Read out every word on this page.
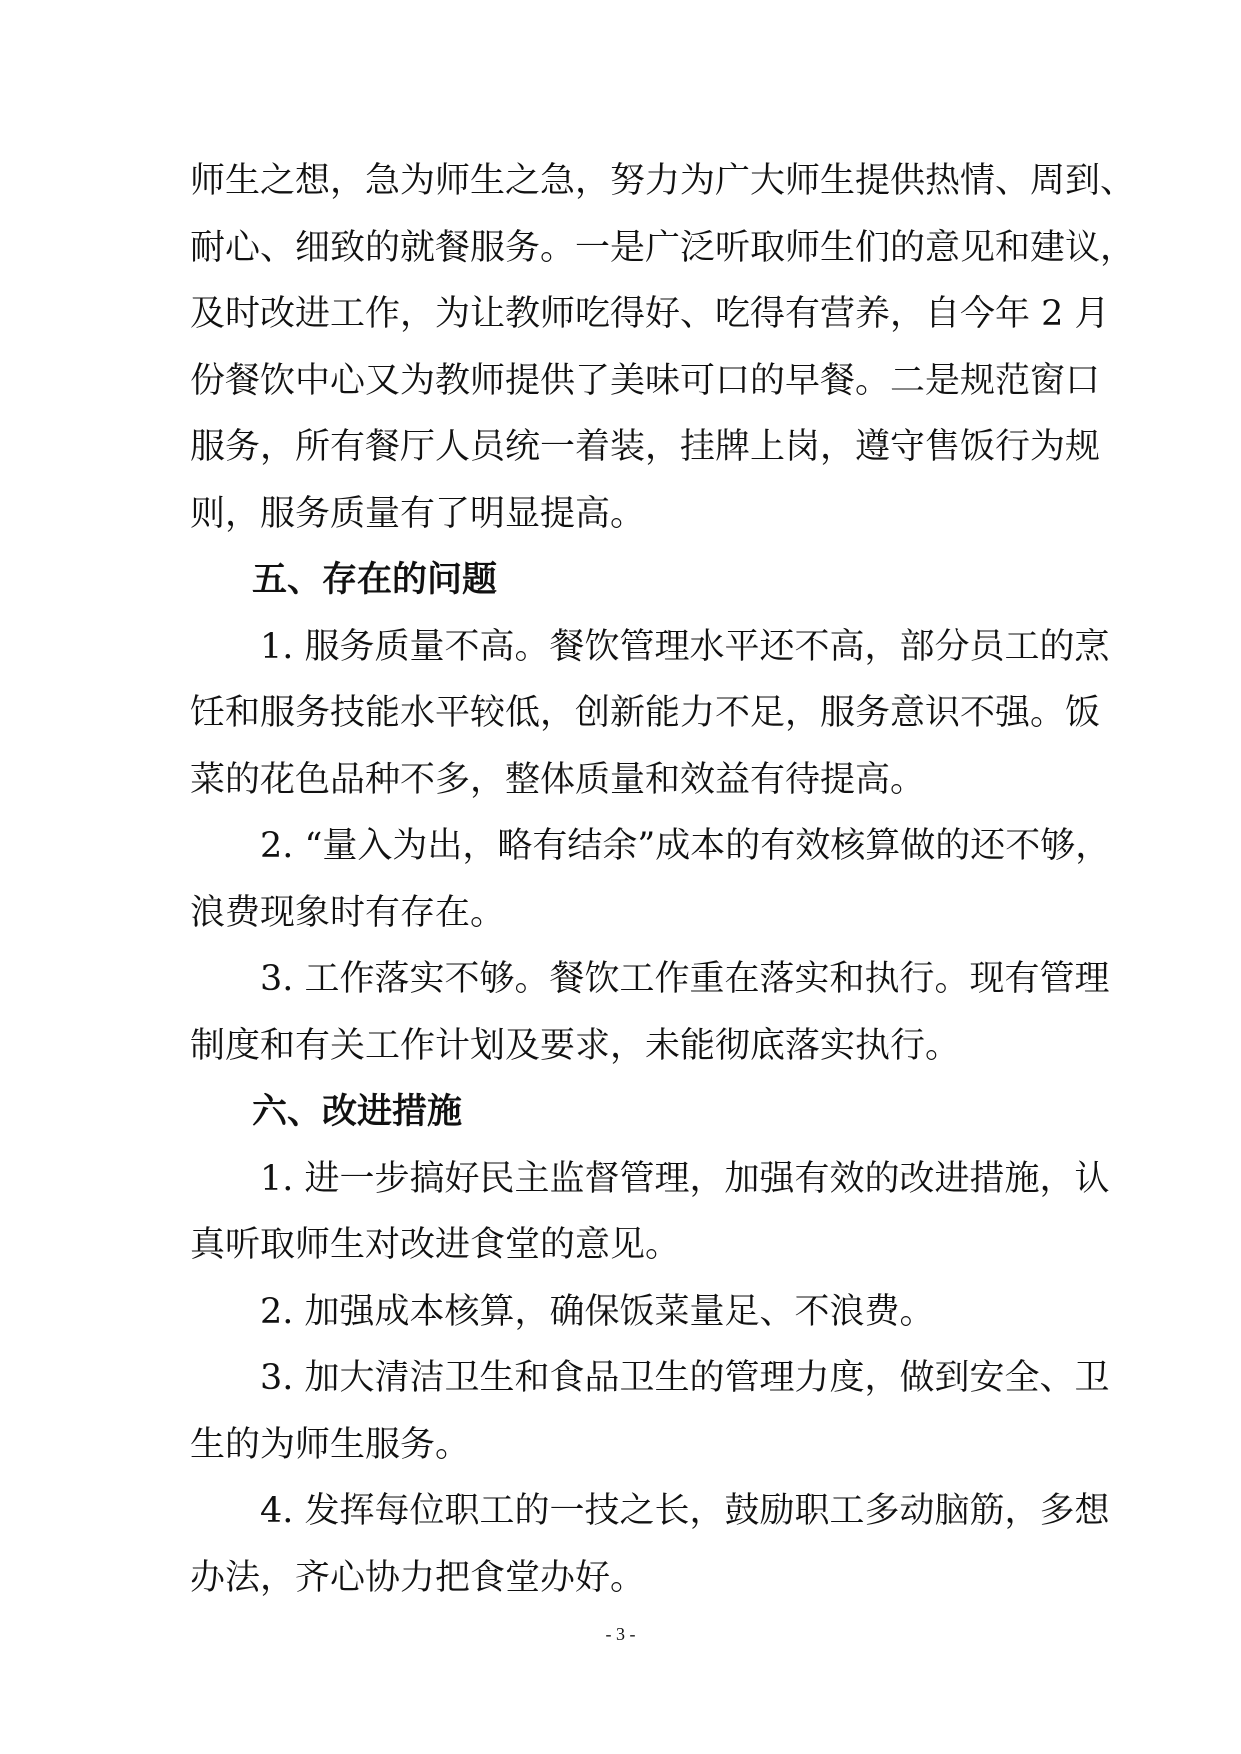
师生之想，急为师生之急，努力为广大师生提供热情、周到、
耐心、细致的就餐服务。一是广泛听取师生们的意见和建议，
及时改进工作，为让教师吃得好、吃得有营养，自今年 2 月
份餐饮中心又为教师提供了美味可口的早餐。二是规范窗口
服务，所有餐厅人员统一着装，挂牌上岗，遵守售饭行为规
则，服务质量有了明显提高。
五、存在的问题
1. 服务质量不高。餐饮管理水平还不高，部分员工的烹
饪和服务技能水平较低，创新能力不足，服务意识不强。饭
菜的花色品种不多，整体质量和效益有待提高。
2. “量入为出，略有结余”成本的有效核算做的还不够，
浪费现象时有存在。
3. 工作落实不够。餐饮工作重在落实和执行。现有管理
制度和有关工作计划及要求，未能彻底落实执行。
六、改进措施
1. 进一步搞好民主监督管理，加强有效的改进措施，认
真听取师生对改进食堂的意见。
2. 加强成本核算，确保饭菜量足、不浪费。
3. 加大清洁卫生和食品卫生的管理力度，做到安全、卫
生的为师生服务。
4. 发挥每位职工的一技之长，鼓励职工多动脑筋，多想
办法，齐心协力把食堂办好。
- 3 -
